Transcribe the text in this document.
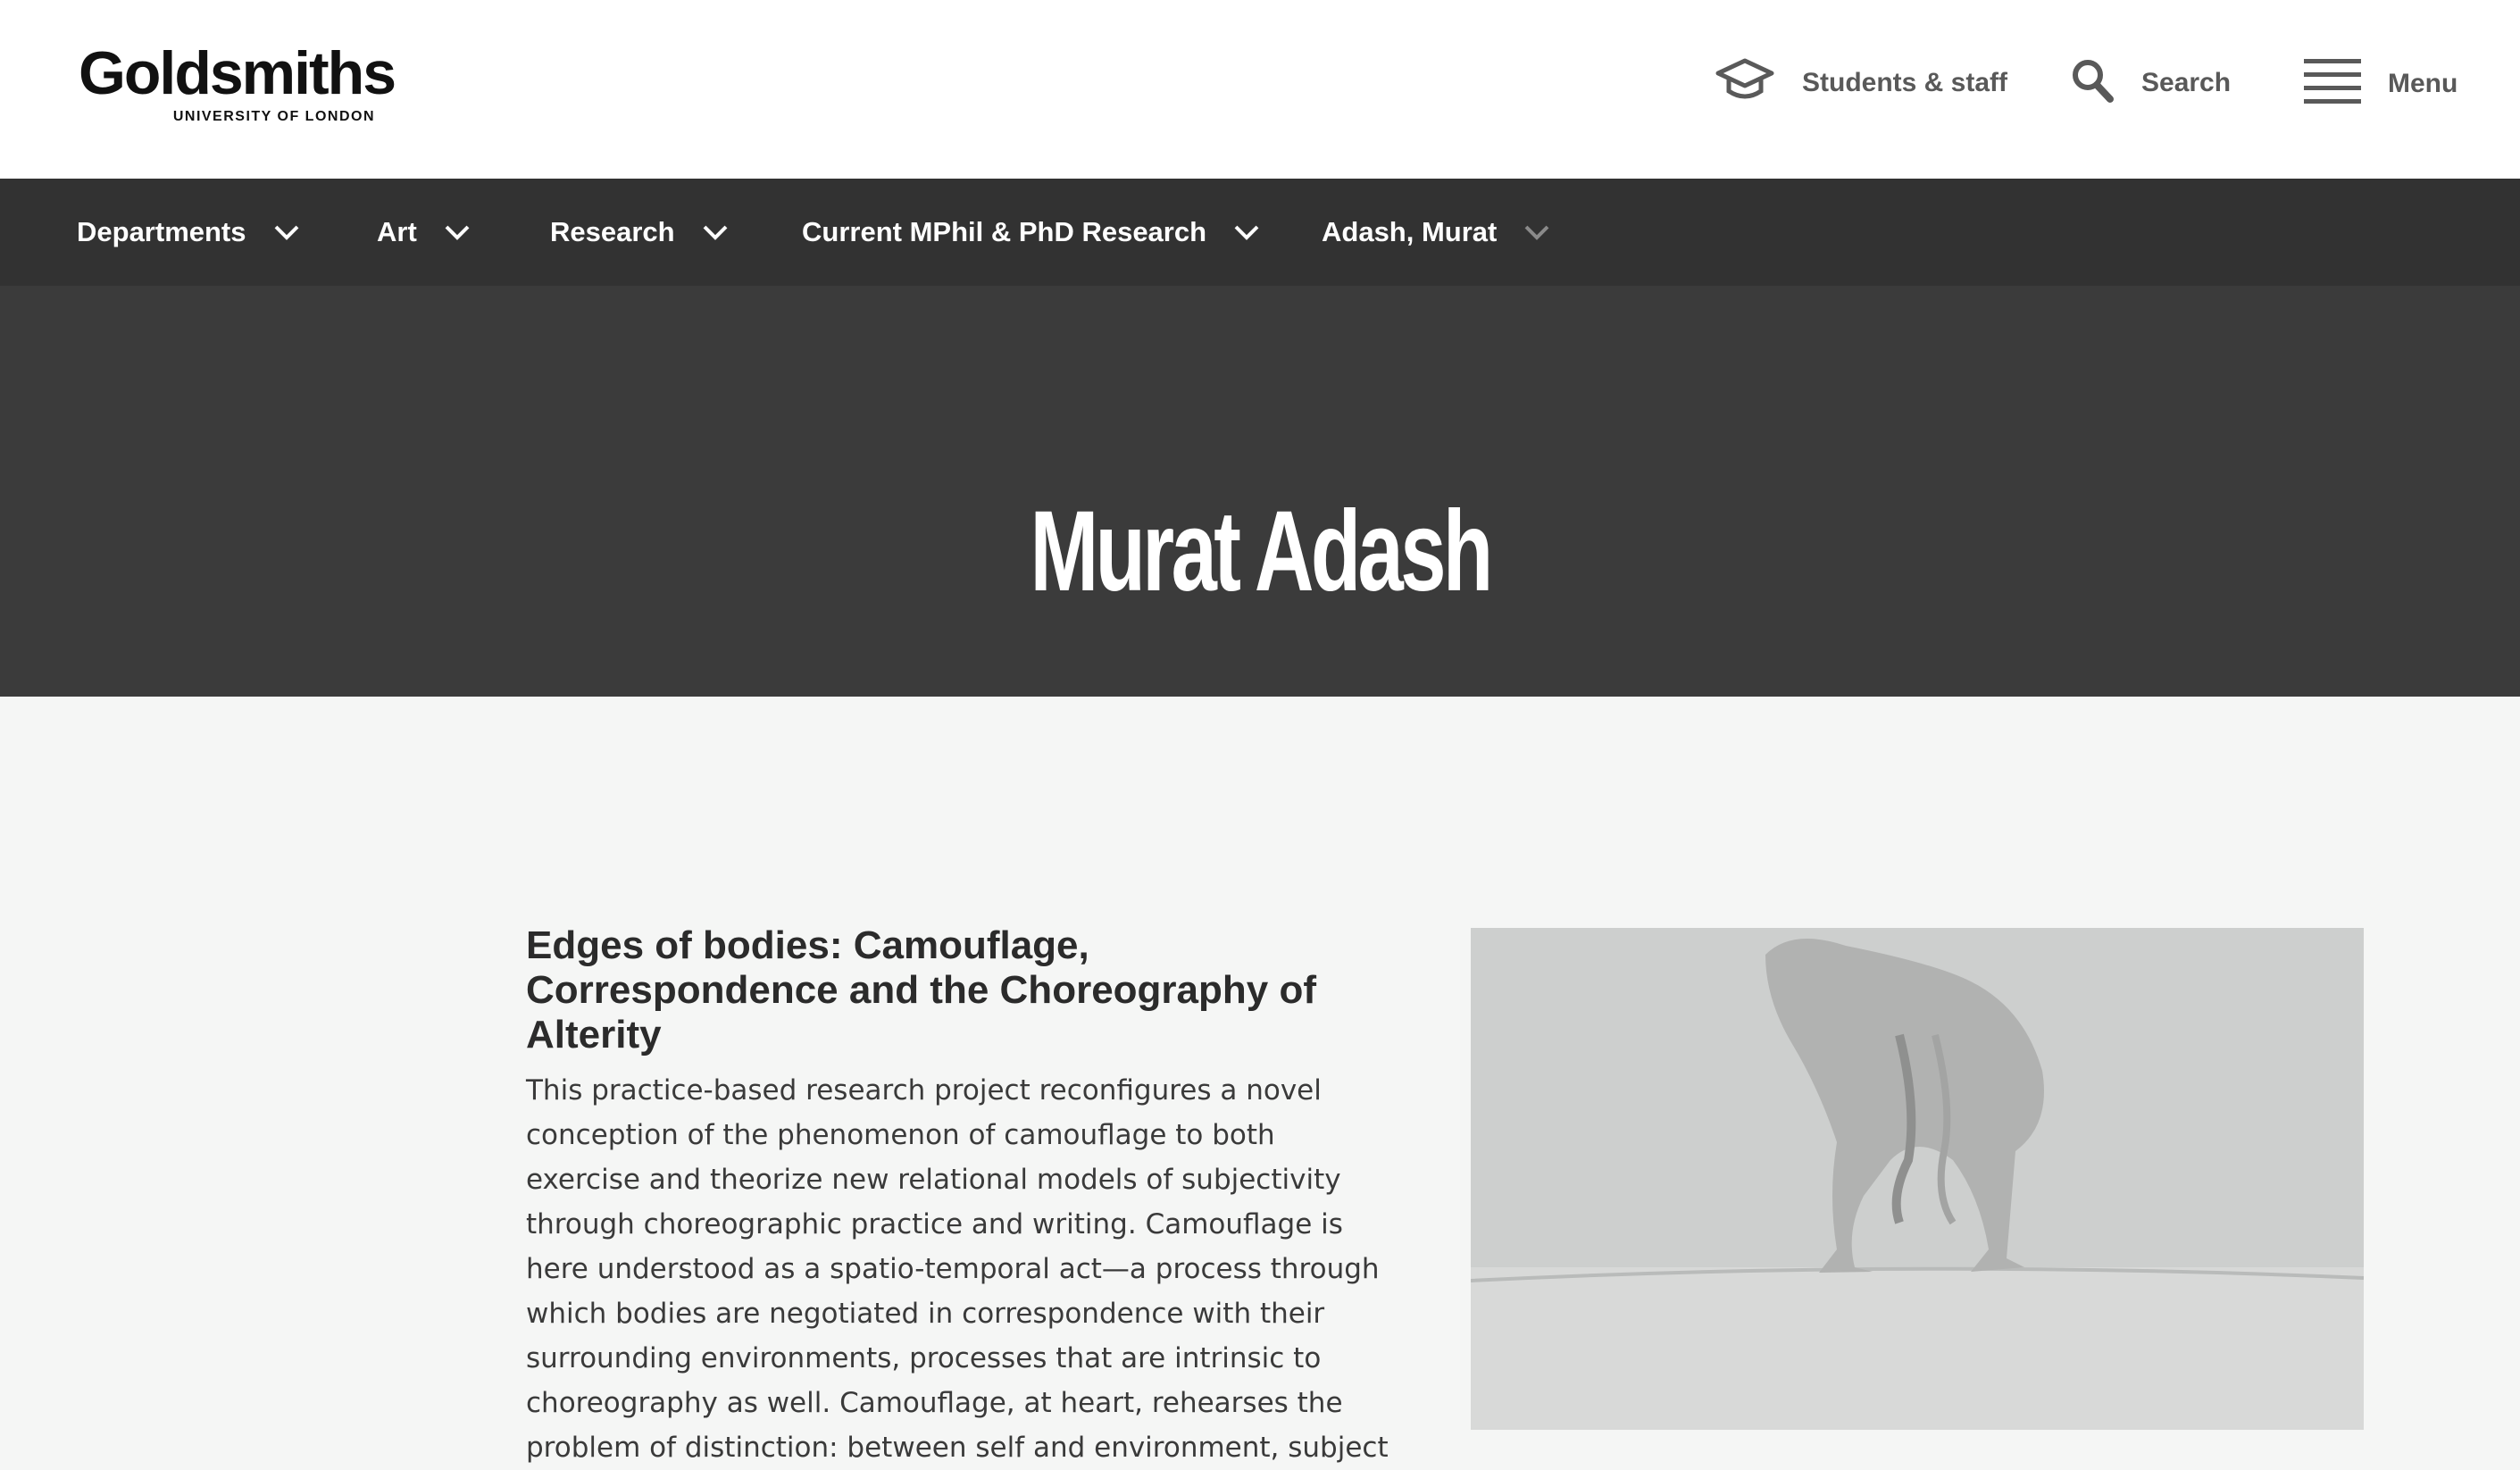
Goldsmiths
UNIVERSITY OF LONDON
Students & staff	Search	Menu
Departments	Art	Research	Current MPhil & PhD Research	Adash, Murat
Murat Adash
Edges of bodies: Camouflage, Correspondence and the Choreography of Alterity

This practice-based research project reconfigures a novel conception of the phenomenon of camouflage to both exercise and theorize new relational models of subjectivity through choreographic practice and writing. Camouflage is here understood as a spatio-temporal act—a process through which bodies are negotiated in correspondence with their surrounding environments, processes that are intrinsic to choreography as well. Camouflage, at heart, rehearses the problem of distinction: between self and environment, subject
